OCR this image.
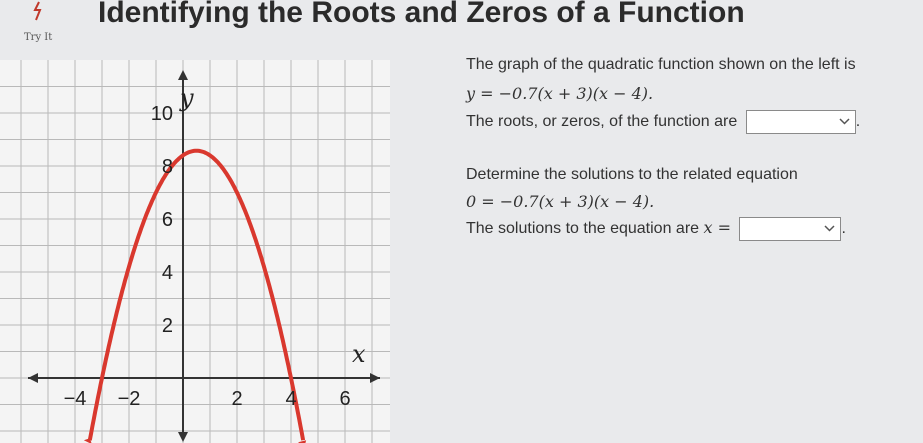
Identifying the Roots and Zeros of a Function
Try It
−4 −2	2 4 6
2
4
6
8
10
x
y
The graph of the quadratic function shown on the left is
y = −0.7(x + 3)(x − 4).
The roots, or zeros, of the function are	.
Determine the solutions to the related equation
0 = −0.7(x + 3)(x − 4).
The solutions to the equation are x =	.
